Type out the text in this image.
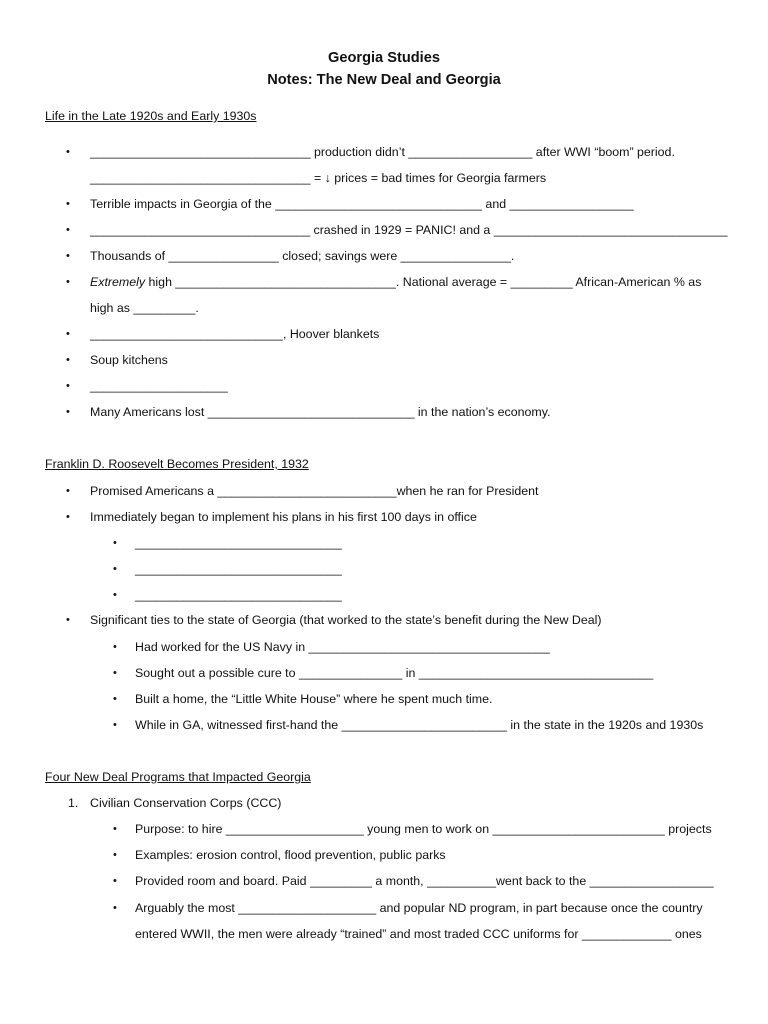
Georgia Studies
Notes: The New Deal and Georgia
Life in the Late 1920s and Early 1930s
• ________________________________ production didn’t __________________ after WWI “boom” period.
________________________________ = ↓ prices = bad times for Georgia farmers
• Terrible impacts in Georgia of the ______________________________ and __________________
• ________________________________ crashed in 1929 = PANIC! and a __________________________________
• Thousands of ________________ closed; savings were ________________.
• Extremely high ________________________________. National average = _________ African-American % as
high as _________.
• ____________________________, Hoover blankets
• Soup kitchens
• ____________________
• Many Americans lost ______________________________ in the nation’s economy.
Franklin D. Roosevelt Becomes President, 1932
• Promised Americans a __________________________when he ran for President
• Immediately began to implement his plans in his first 100 days in office
• ______________________________
• ______________________________
• ______________________________
• Significant ties to the state of Georgia (that worked to the state’s benefit during the New Deal)
• Had worked for the US Navy in ___________________________________
• Sought out a possible cure to _______________ in __________________________________
• Built a home, the “Little White House” where he spent much time.
• While in GA, witnessed first-hand the ________________________ in the state in the 1920s and 1930s
Four New Deal Programs that Impacted Georgia
1. Civilian Conservation Corps (CCC)
• Purpose: to hire ____________________ young men to work on _________________________ projects
• Examples: erosion control, flood prevention, public parks
• Provided room and board. Paid _________ a month, __________went back to the __________________
• Arguably the most ____________________ and popular ND program, in part because once the country
entered WWII, the men were already “trained” and most traded CCC uniforms for _____________ ones
